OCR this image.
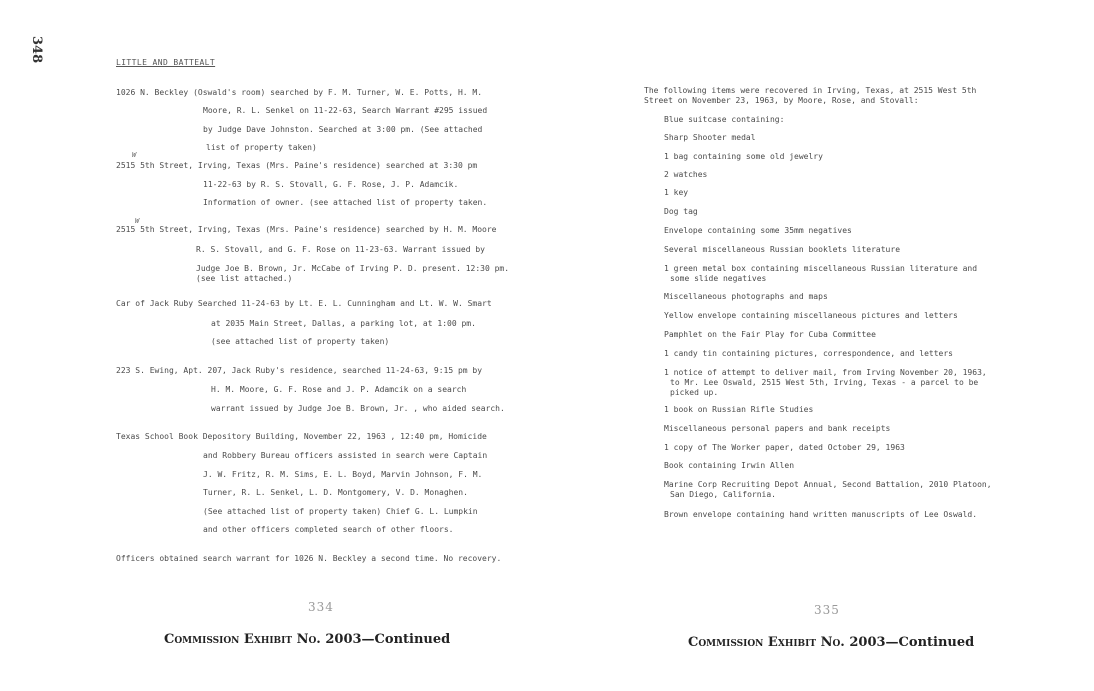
348	LITTLE AND BATTEALT
1026 N. Beckley (Oswald's room) searched by F. M. Turner, W. E. Potts, H. M.
Moore, R. L. Senkel on 11-22-63, Search Warrant #295 issued
by Judge Dave Johnston. Searched at 3:00 pm. (See attached
list of property taken)
W
2515 5th Street, Irving, Texas (Mrs. Paine's residence) searched at 3:30 pm
11-22-63 by R. S. Stovall, G. F. Rose, J. P. Adamcik.
Information of owner. (see attached list of property taken.
W
2515 5th Street, Irving, Texas (Mrs. Paine's residence) searched by H. M. Moore
R. S. Stovall, and G. F. Rose on 11-23-63. Warrant issued by
Judge Joe B. Brown, Jr. McCabe of Irving P. D. present. 12:30 pm.
(see list attached.)
Car of Jack Ruby Searched 11-24-63 by Lt. E. L. Cunningham and Lt. W. W. Smart
at 2035 Main Street, Dallas, a parking lot, at 1:00 pm.
(see attached list of property taken)
223 S. Ewing, Apt. 207, Jack Ruby's residence, searched 11-24-63, 9:15 pm by
H. M. Moore, G. F. Rose and J. P. Adamcik on a search
warrant issued by Judge Joe B. Brown, Jr. , who aided search.
Texas School Book Depository Building, November 22, 1963 , 12:40 pm, Homicide
and Robbery Bureau officers assisted in search were Captain
J. W. Fritz, R. M. Sims, E. L. Boyd, Marvin Johnson, F. M.
Turner, R. L. Senkel, L. D. Montgomery, V. D. Monaghen.
(See attached list of property taken) Chief G. L. Lumpkin
and other officers completed search of other floors.
Officers obtained search warrant for 1026 N. Beckley a second time. No recovery.
334
Commission Exhibit No. 2003—Continued
The following items were recovered in Irving, Texas, at 2515 West 5th
Street on November 23, 1963, by Moore, Rose, and Stovall:
Blue suitcase containing:
Sharp Shooter medal
1 bag containing some old jewelry
2 watches
1 key
Dog tag
Envelope containing some 35mm negatives
Several miscellaneous Russian booklets literature
1 green metal box containing miscellaneous Russian literature and
some slide negatives
Miscellaneous photographs and maps
Yellow envelope containing miscellaneous pictures and letters
Pamphlet on the Fair Play for Cuba Committee
1 candy tin containing pictures, correspondence, and letters
1 notice of attempt to deliver mail, from Irving November 20, 1963,
to Mr. Lee Oswald, 2515 West 5th, Irving, Texas - a parcel to be
picked up.
1 book on Russian Rifle Studies
Miscellaneous personal papers and bank receipts
1 copy of The Worker paper, dated October 29, 1963
Book containing Irwin Allen
Marine Corp Recruiting Depot Annual, Second Battalion, 2010 Platoon,
San Diego, California.
Brown envelope containing hand written manuscripts of Lee Oswald.
335
Commission Exhibit No. 2003—Continued
